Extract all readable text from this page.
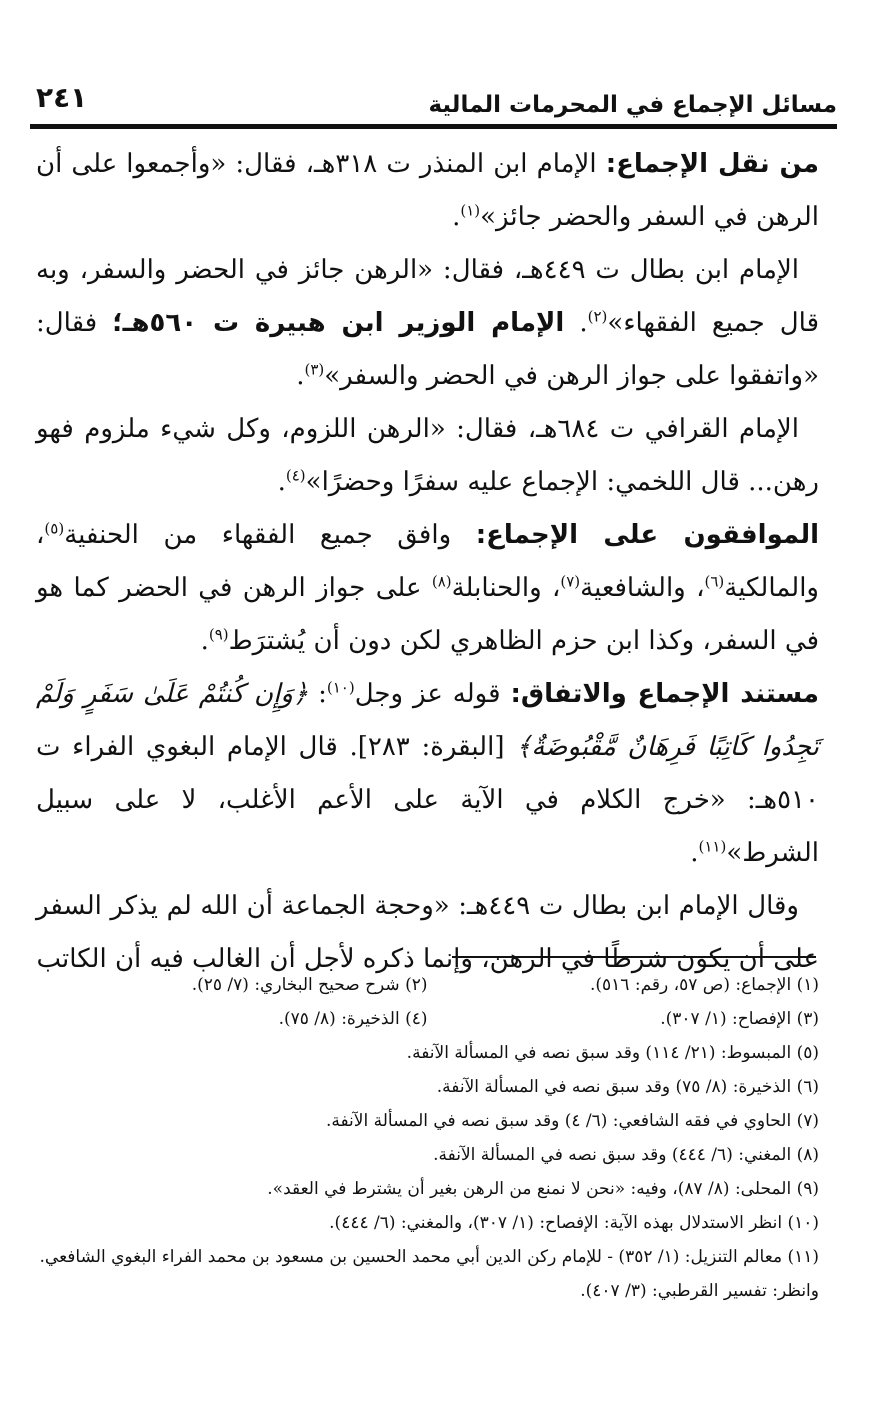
مسائل الإجماع في المحرمات المالية
٢٤١

من نقل الإجماع: الإمام ابن المنذر ت ٣١٨هـ، فقال: «وأجمعوا على أن الرهن في السفر والحضر جائز»$^{(١)}$.

الإمام ابن بطال ت ٤٤٩هـ، فقال: «الرهن جائز في الحضر والسفر، وبه قال جميع الفقهاء»$^{(٢)}$. الإمام الوزير ابن هبيرة ت ٥٦٠هـ؛ فقال: «واتفقوا على جواز الرهن في الحضر والسفر»$^{(٣)}$.

الإمام القرافي ت ٦٨٤هـ، فقال: «الرهن اللزوم، وكل شيء ملزوم فهو رهن... قال اللخمي: الإجماع عليه سفرًا وحضرًا»$^{(٤)}$.

الموافقون على الإجماع: وافق جميع الفقهاء من الحنفية$^{(٥)}$، والمالكية$^{(٦)}$، والشافعية$^{(٧)}$، والحنابلة$^{(٨)}$ على جواز الرهن في الحضر كما هو في السفر، وكذا ابن حزم الظاهري لكن دون أن يُشترَط$^{(٩)}$.

مستند الإجماع والاتفاق: قوله عز وجل$^{(١٠)}$: ﴿وَإِن كُنتُمْ عَلَىٰ سَفَرٍ وَلَمْ تَجِدُوا كَاتِبًا فَرِهَانٌ مَّقْبُوضَةٌ﴾ [البقرة: ٢٨٣]. قال الإمام البغوي الفراء ت ٥١٠هـ: «خرج الكلام في الآية على الأعم الأغلب، لا على سبيل الشرط»$^{(١١)}$.

وقال الإمام ابن بطال ت ٤٤٩هـ: «وحجة الجماعة أن الله لم يذكر السفر على أن يكون شرطًا في الرهن، وإنما ذكره لأجل أن الغالب فيه أن الكاتب

(١) الإجماع: (ص ٥٧، رقم: ٥١٦).
(٢) شرح صحيح البخاري: (٧/ ٢٥).
(٣) الإفصاح: (١/ ٣٠٧).
(٤) الذخيرة: (٨/ ٧٥).

(٥) المبسوط: (٢١/ ١١٤) وقد سبق نصه في المسألة الآنفة.

(٦) الذخيرة: (٨/ ٧٥) وقد سبق نصه في المسألة الآنفة.

(٧) الحاوي في فقه الشافعي: (٦/ ٤) وقد سبق نصه في المسألة الآنفة.

(٨) المغني: (٦/ ٤٤٤) وقد سبق نصه في المسألة الآنفة.

(٩) المحلى: (٨/ ٨٧)، وفيه: «نحن لا نمنع من الرهن بغير أن يشترط في العقد».

(١٠) انظر الاستدلال بهذه الآية: الإفصاح: (١/ ٣٠٧)، والمغني: (٦/ ٤٤٤).

(١١) معالم التنزيل: (١/ ٣٥٢) - للإمام ركن الدين أبي محمد الحسين بن مسعود بن محمد الفراء البغوي الشافعي. وانظر: تفسير القرطبي: (٣/ ٤٠٧).
